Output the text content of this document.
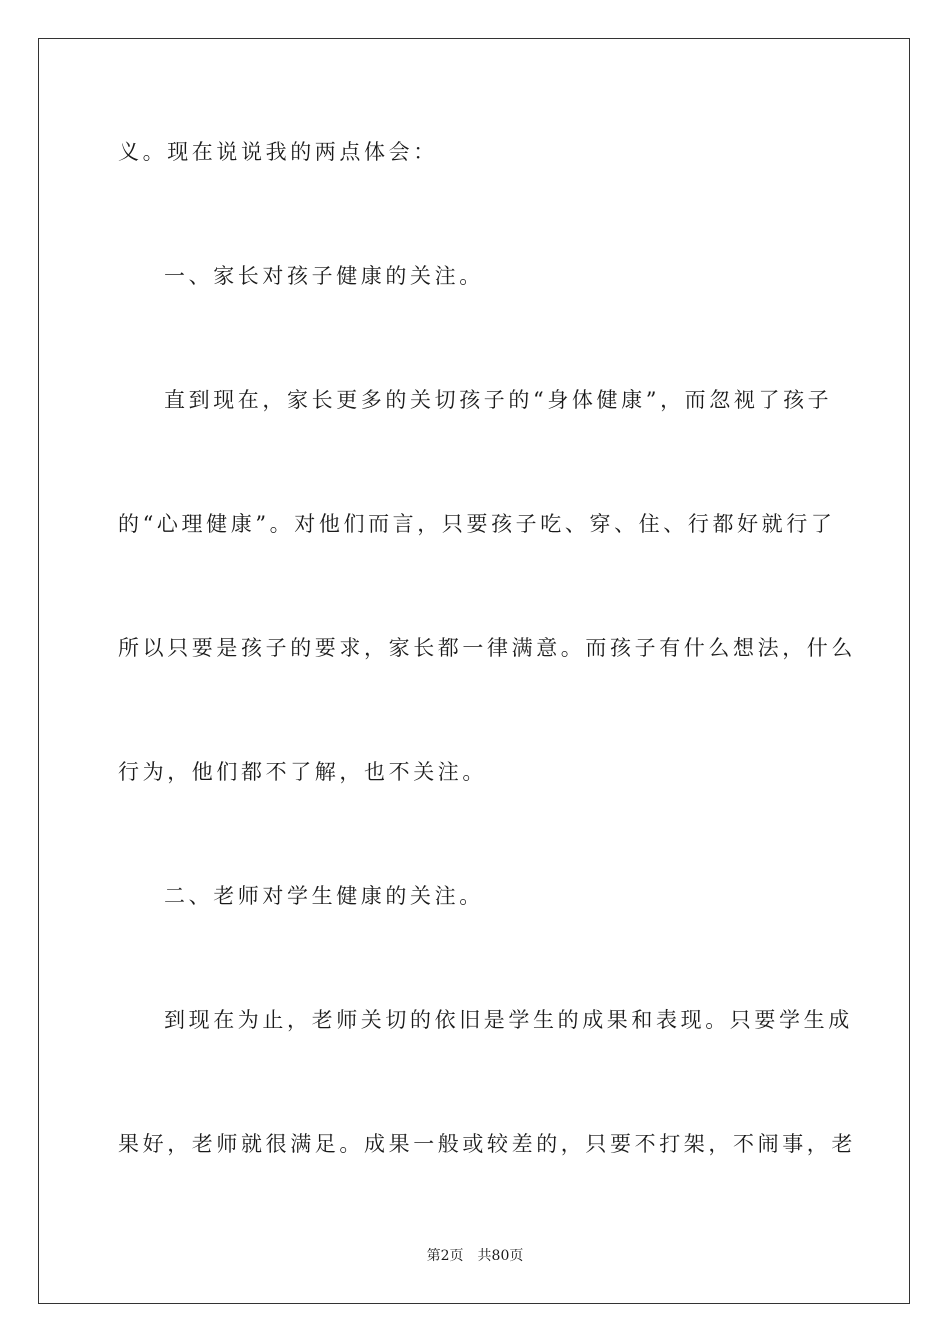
义。现在说说我的两点体会：
一、家长对孩子健康的关注。
直到现在，家长更多的关切孩子的“身体健康”，而忽视了孩子
的“心理健康”。对他们而言，只要孩子吃、穿、住、行都好就行了
所以只要是孩子的要求，家长都一律满意。而孩子有什么想法，什么
行为，他们都不了解，也不关注。
二、老师对学生健康的关注。
到现在为止，老师关切的依旧是学生的成果和表现。只要学生成
果好，老师就很满足。成果一般或较差的，只要不打架，不闹事，老
第2页 共80页
